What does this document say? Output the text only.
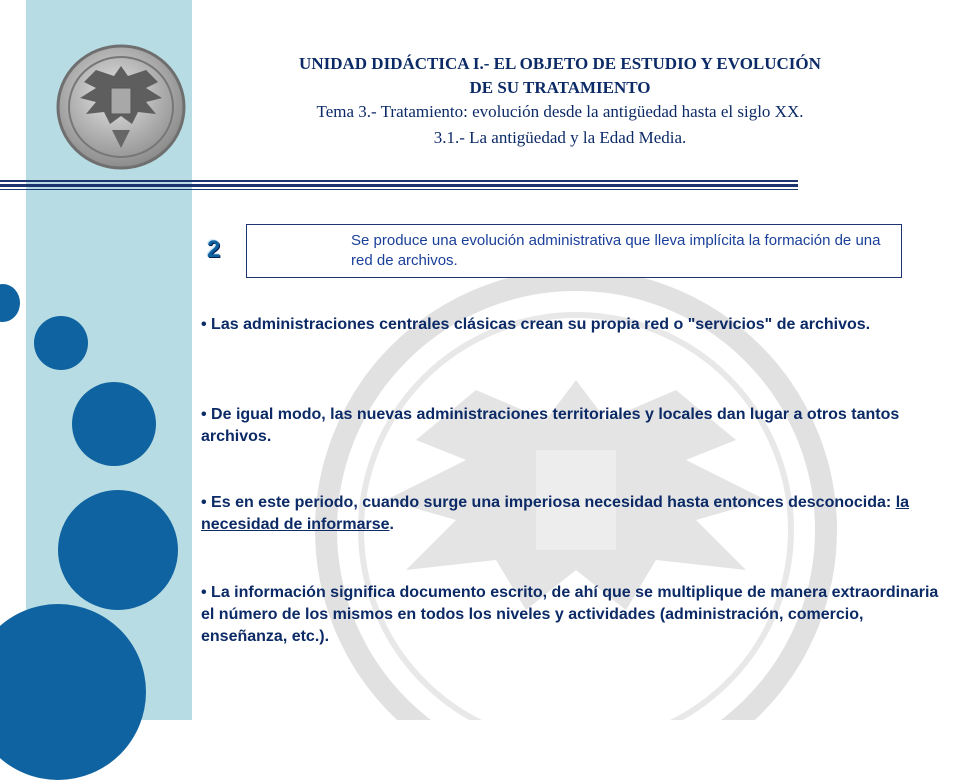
UNIDAD DIDÁCTICA I.- EL OBJETO DE ESTUDIO Y EVOLUCIÓN
DE SU TRATAMIENTO
Tema 3.- Tratamiento: evolución desde la antigüedad hasta el siglo XX.
3.1.- La antigüedad y la Edad Media.
2	Se produce una evolución administrativa que lleva implícita la formación de una red de archivos.
• Las administraciones centrales clásicas crean su propia red o "servicios" de archivos.
• De igual modo, las nuevas administraciones territoriales y locales dan lugar a otros tantos archivos.
• Es en este periodo, cuando surge una imperiosa necesidad hasta entonces desconocida: la necesidad de informarse.
• La información significa documento escrito, de ahí que se multiplique de manera extraordinaria el número de los mismos en todos los niveles y actividades (administración, comercio, enseñanza, etc.).
